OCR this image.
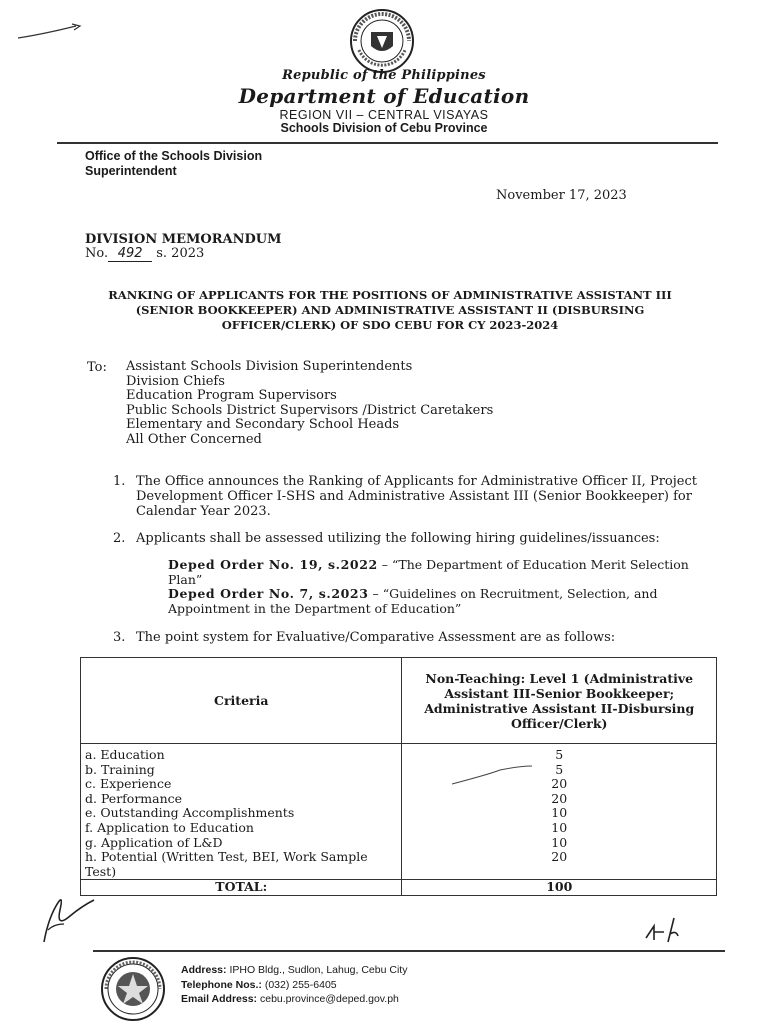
Republic of the Philippines
Department of Education
REGION VII – CENTRAL VISAYAS
Schools Division of Cebu Province
Office of the Schools Division Superintendent
November 17, 2023
DIVISION MEMORANDUM
No. 492 s. 2023
RANKING OF APPLICANTS FOR THE POSITIONS OF ADMINISTRATIVE ASSISTANT III (SENIOR BOOKKEEPER) AND ADMINISTRATIVE ASSISTANT II (DISBURSING OFFICER/CLERK) OF SDO CEBU FOR CY 2023-2024
To: Assistant Schools Division Superintendents
Division Chiefs
Education Program Supervisors
Public Schools District Supervisors /District Caretakers
Elementary and Secondary School Heads
All Other Concerned
1. The Office announces the Ranking of Applicants for Administrative Officer II, Project Development Officer I-SHS and Administrative Assistant III (Senior Bookkeeper) for Calendar Year 2023.
2. Applicants shall be assessed utilizing the following hiring guidelines/issuances:
Deped Order No. 19, s.2022 – “The Department of Education Merit Selection Plan”
Deped Order No. 7, s.2023 – “Guidelines on Recruitment, Selection, and Appointment in the Department of Education”
3. The point system for Evaluative/Comparative Assessment are as follows:
Criteria	Non-Teaching: Level 1 (Administrative Assistant III-Senior Bookkeeper; Administrative Assistant II-Disbursing Officer/Clerk)
a. Education	5
b. Training	5
c. Experience	20
d. Performance	20
e. Outstanding Accomplishments	10
f. Application to Education	10
g. Application of L&D	10
h. Potential (Written Test, BEI, Work Sample Test)	20
TOTAL:	100
Address: IPHO Bldg., Sudlon, Lahug, Cebu City
Telephone Nos.: (032) 255-6405
Email Address: cebu.province@deped.gov.ph
